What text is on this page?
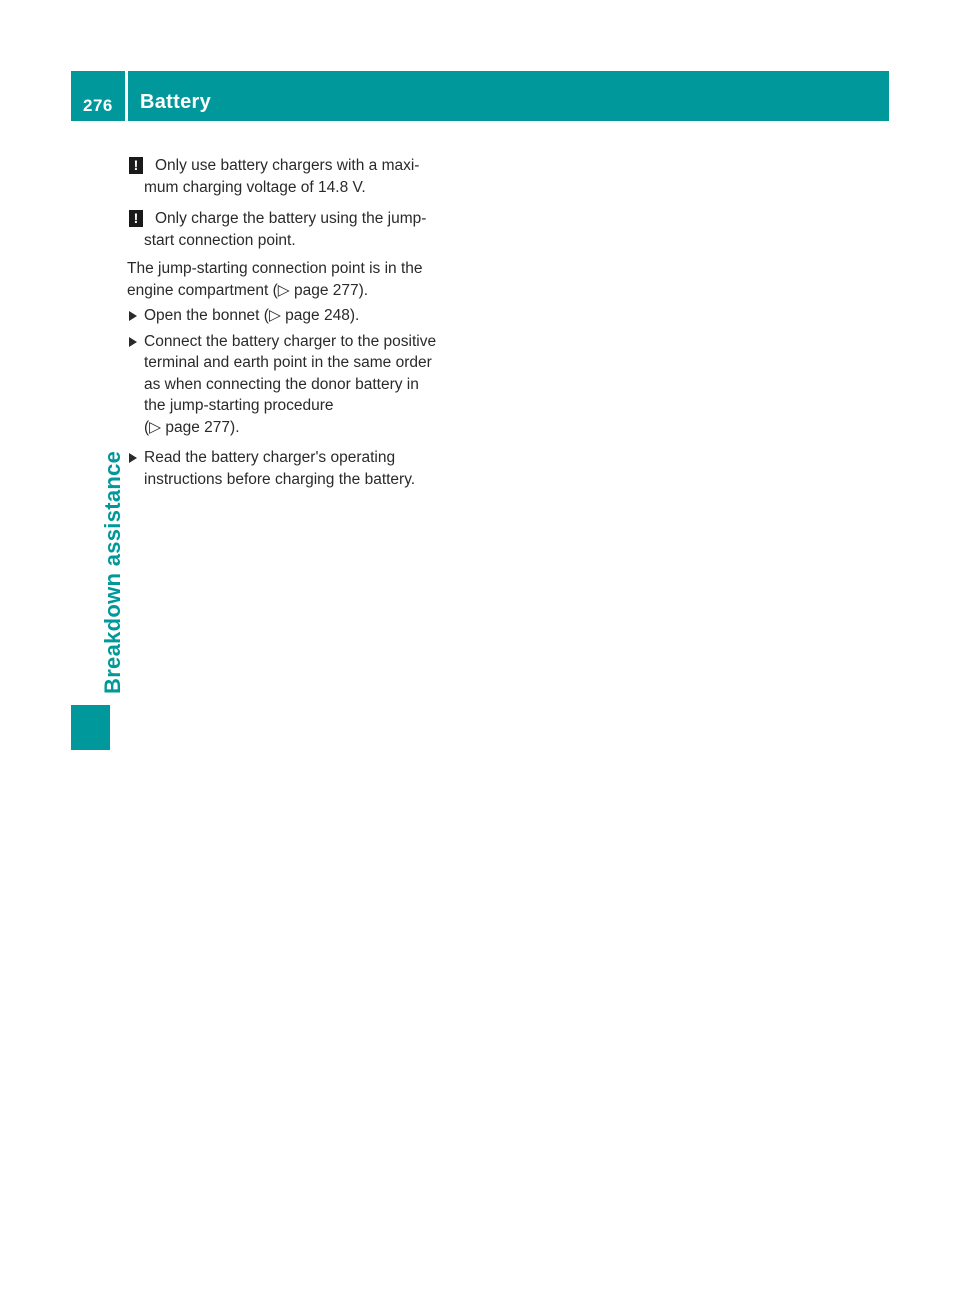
276 Battery
Breakdown assistance
!	Only use battery chargers with a maxi-
mum charging voltage of 14.8 V.
!	Only charge the battery using the jump-
start connection point.
The jump-starting connection point is in the
engine compartment (▷ page 277).
Open the bonnet (▷ page 248).
Connect the battery charger to the positive
terminal and earth point in the same order
as when connecting the donor battery in
the jump-starting procedure
(▷ page 277).
Read the battery charger's operating
instructions before charging the battery.
